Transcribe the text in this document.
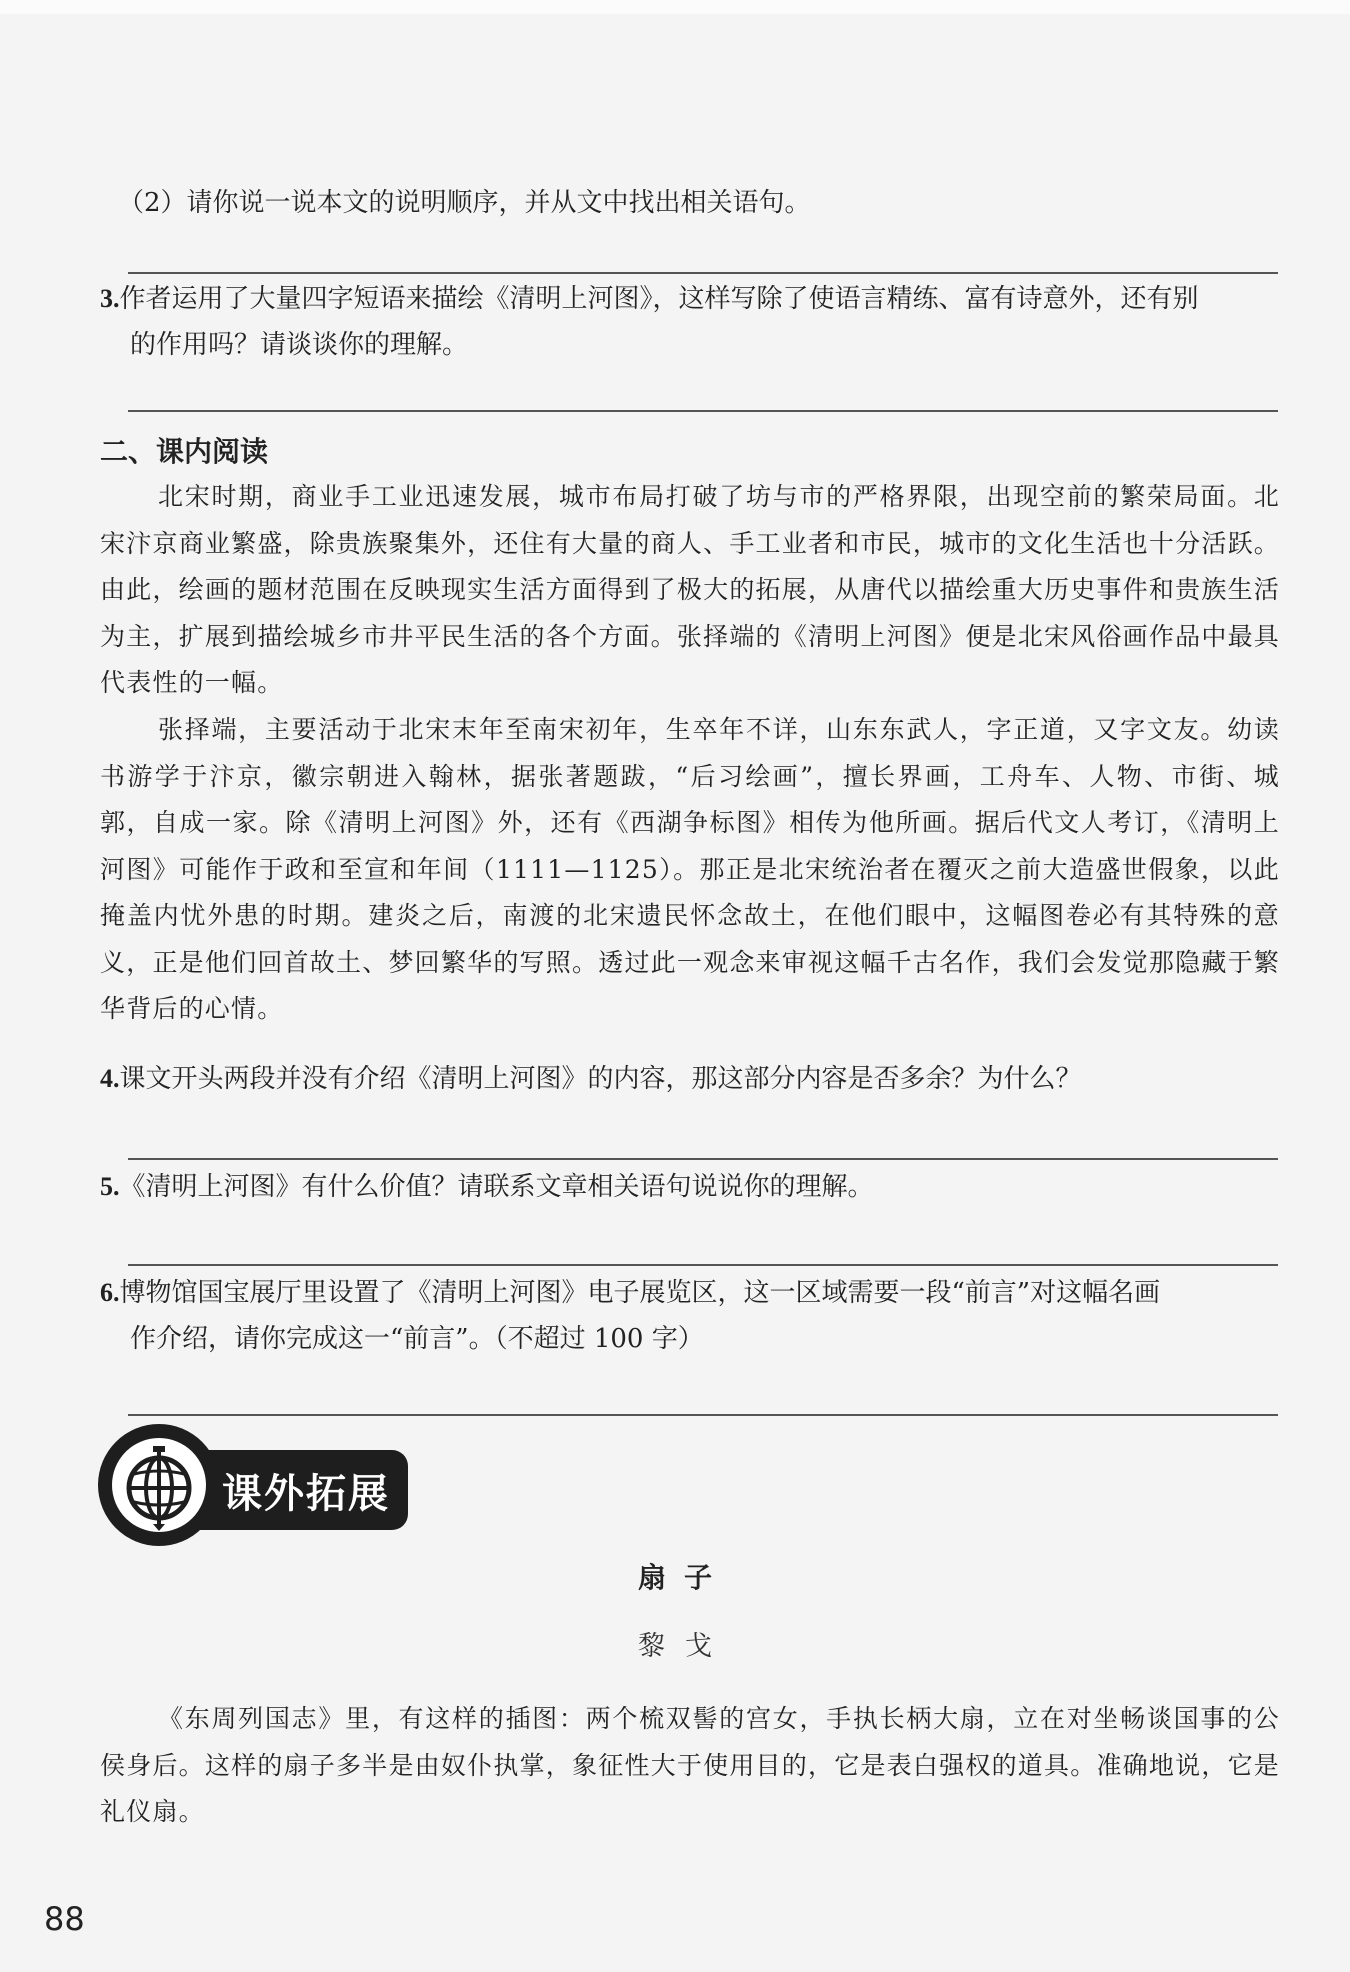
（2）请你说一说本文的说明顺序，并从文中找出相关语句。
3.作者运用了大量四字短语来描绘《清明上河图》，这样写除了使语言精练、富有诗意外，还有别
的作用吗？请谈谈你的理解。
二、课内阅读
北宋时期，商业手工业迅速发展，城市布局打破了坊与市的严格界限，出现空前的繁荣局面。北宋汴京商业繁盛，除贵族聚集外，还住有大量的商人、手工业者和市民，城市的文化生活也十分活跃。由此，绘画的题材范围在反映现实生活方面得到了极大的拓展，从唐代以描绘重大历史事件和贵族生活为主，扩展到描绘城乡市井平民生活的各个方面。张择端的《清明上河图》便是北宋风俗画作品中最具代表性的一幅。
张择端，主要活动于北宋末年至南宋初年，生卒年不详，山东东武人，字正道，又字文友。幼读书游学于汴京，徽宗朝进入翰林，据张著题跋，“后习绘画”，擅长界画，工舟车、人物、市街、城郭，自成一家。除《清明上河图》外，还有《西湖争标图》相传为他所画。据后代文人考订，《清明上河图》可能作于政和至宣和年间（1111—1125）。那正是北宋统治者在覆灭之前大造盛世假象，以此掩盖内忧外患的时期。建炎之后，南渡的北宋遗民怀念故土，在他们眼中，这幅图卷必有其特殊的意义，正是他们回首故土、梦回繁华的写照。透过此一观念来审视这幅千古名作，我们会发觉那隐藏于繁华背后的心情。
4.课文开头两段并没有介绍《清明上河图》的内容，那这部分内容是否多余？为什么？
5.《清明上河图》有什么价值？请联系文章相关语句说说你的理解。
6.博物馆国宝展厅里设置了《清明上河图》电子展览区，这一区域需要一段“前言”对这幅名画
作介绍，请你完成这一“前言”。（不超过 100 字）
课外拓展
扇子
黎戈
《东周列国志》里，有这样的插图：两个梳双髻的宫女，手执长柄大扇，立在对坐畅谈国事的公侯身后。这样的扇子多半是由奴仆执掌，象征性大于使用目的，它是表白强权的道具。准确地说，它是礼仪扇。
88
